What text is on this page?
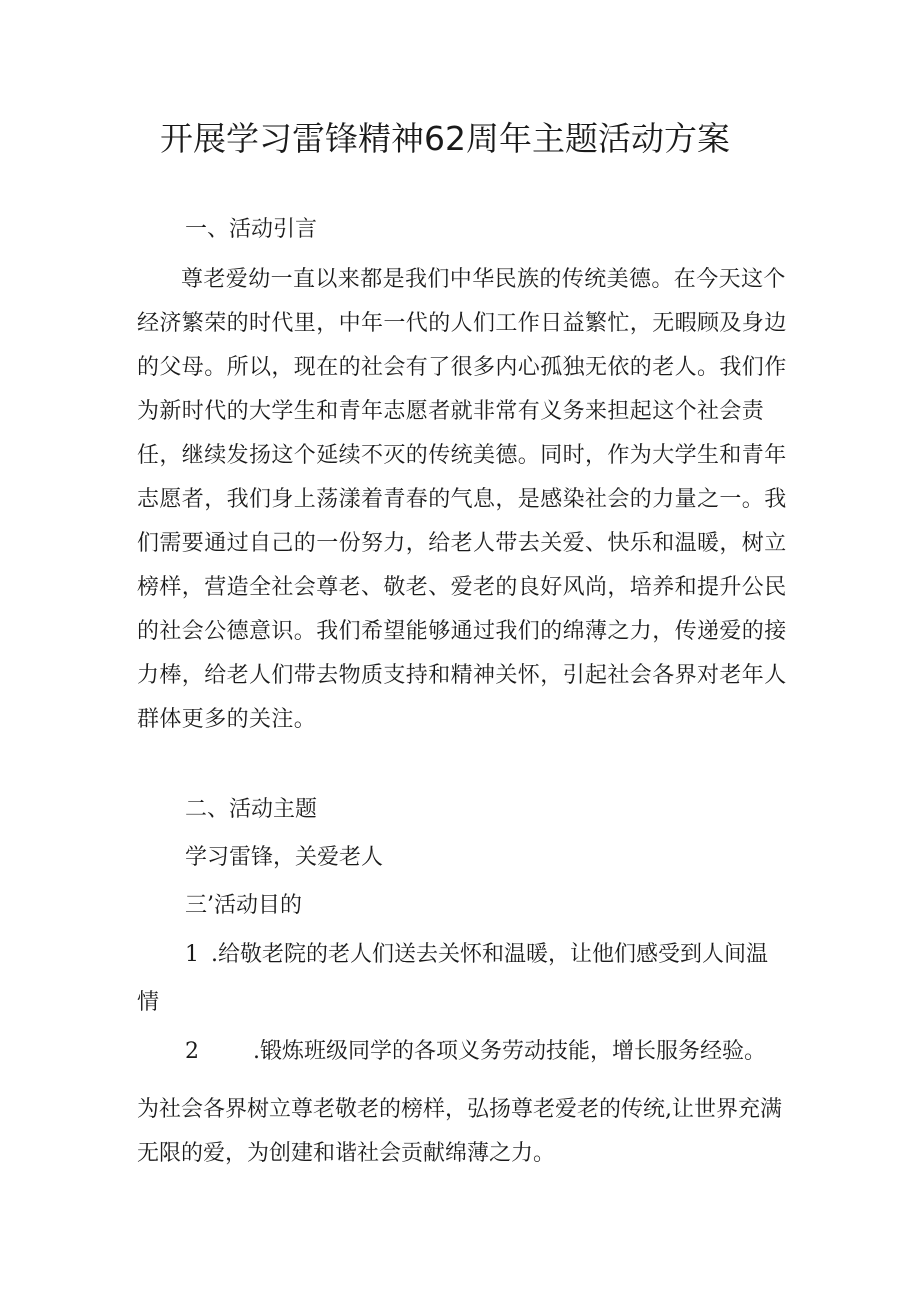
开展学习雷锋精神62周年主题活动方案

一、活动引言

尊老爱幼一直以来都是我们中华民族的传统美德。在今天这个经济繁荣的时代里，中年一代的人们工作日益繁忙，无暇顾及身边的父母。所以，现在的社会有了很多内心孤独无依的老人。我们作为新时代的大学生和青年志愿者就非常有义务来担起这个社会责任，继续发扬这个延续不灭的传统美德。同时，作为大学生和青年志愿者，我们身上荡漾着青春的气息，是感染社会的力量之一。我们需要通过自己的一份努力，给老人带去关爱、快乐和温暖，树立榜样，营造全社会尊老、敬老、爱老的良好风尚，培养和提升公民的社会公德意识。我们希望能够通过我们的绵薄之力，传递爱的接力棒，给老人们带去物质支持和精神关怀，引起社会各界对老年人群体更多的关注。

二、活动主题

学习雷锋，关爱老人

三’活动目的

1 .给敬老院的老人们送去关怀和温暖，让他们感受到人间温

情

2 .锻炼班级同学的各项义务劳动技能，增长服务经验。

为社会各界树立尊老敬老的榜样，弘扬尊老爱老的传统,让世界充满无限的爱，为创建和谐社会贡献绵薄之力。
